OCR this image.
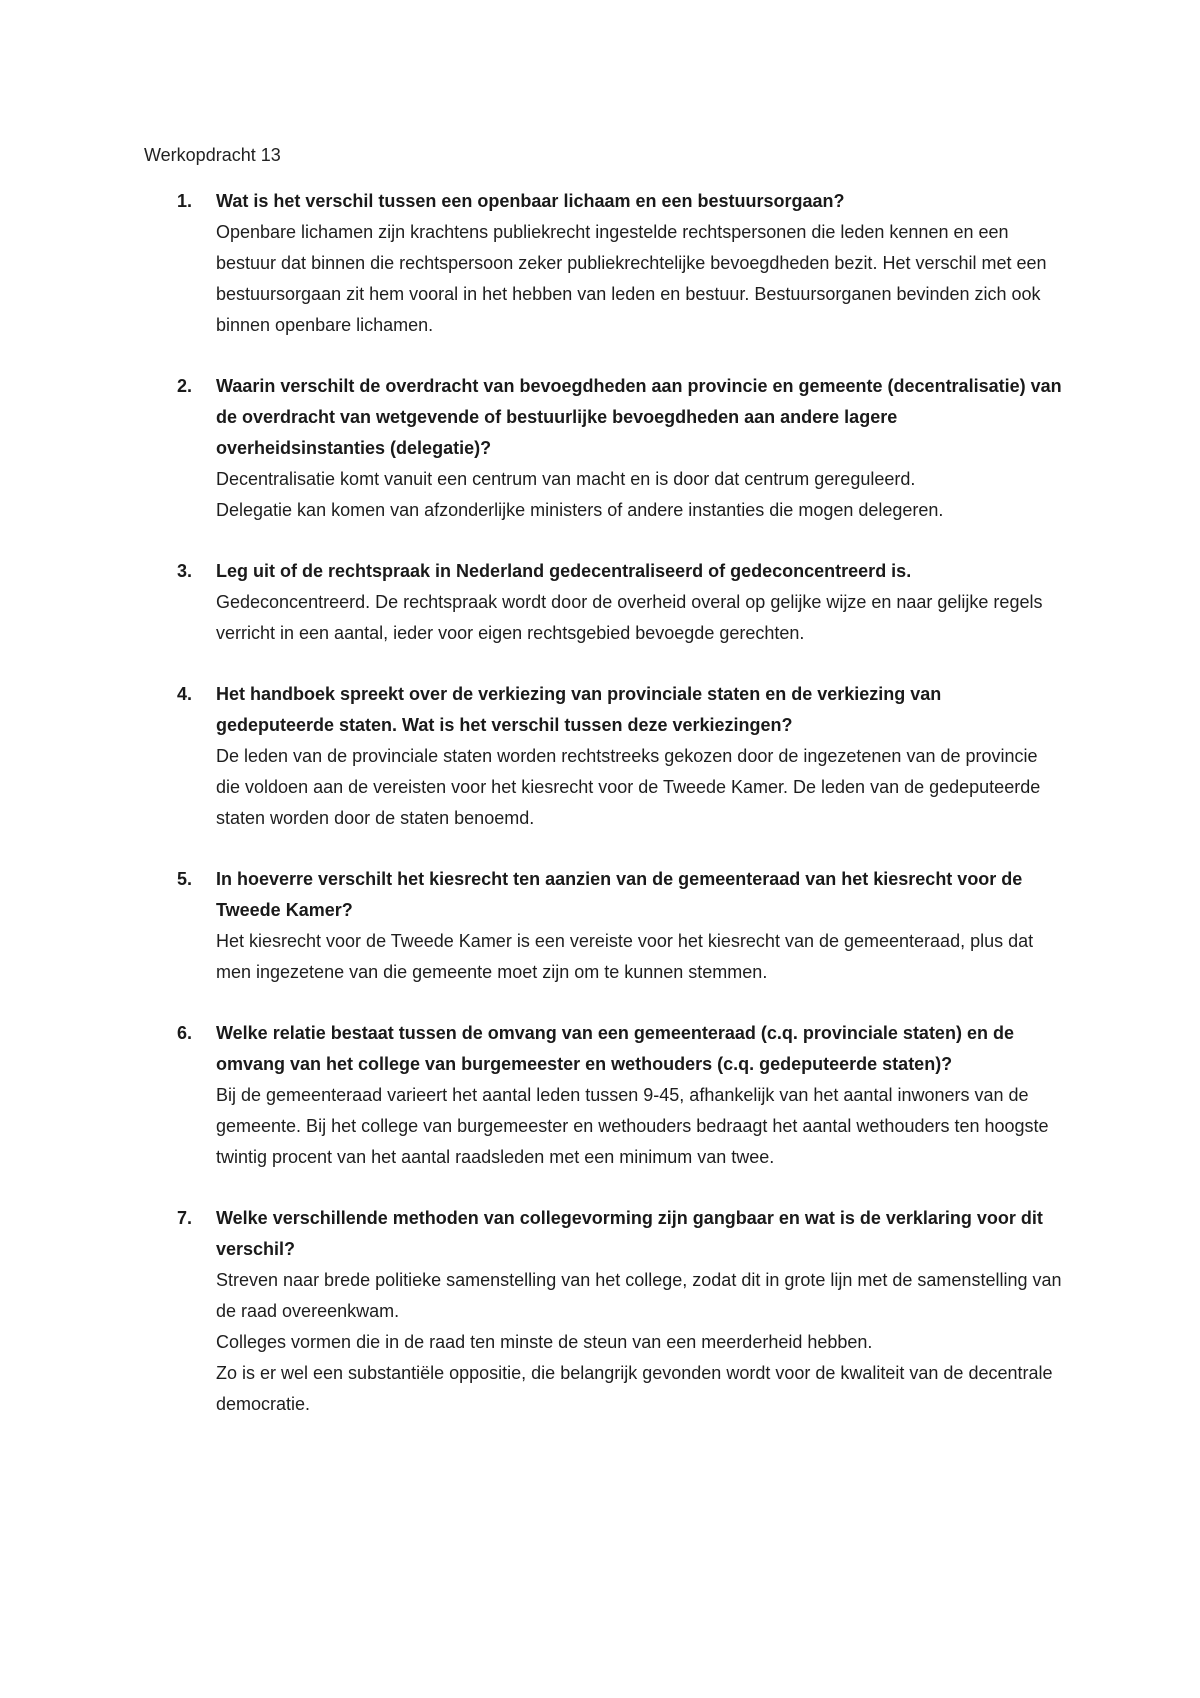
Werkopdracht 13

1. Wat is het verschil tussen een openbaar lichaam en een bestuursorgaan?

Openbare lichamen zijn krachtens publiekrecht ingestelde rechtspersonen die leden kennen en een bestuur dat binnen die rechtspersoon zeker publiekrechtelijke bevoegdheden bezit. Het verschil met een bestuursorgaan zit hem vooral in het hebben van leden en bestuur. Bestuursorganen bevinden zich ook binnen openbare lichamen.

2. Waarin verschilt de overdracht van bevoegdheden aan provincie en gemeente (decentralisatie) van de overdracht van wetgevende of bestuurlijke bevoegdheden aan andere lagere overheidsinstanties (delegatie)?

Decentralisatie komt vanuit een centrum van macht en is door dat centrum gereguleerd.

Delegatie kan komen van afzonderlijke ministers of andere instanties die mogen delegeren.

3. Leg uit of de rechtspraak in Nederland gedecentraliseerd of gedeconcentreerd is.

Gedeconcentreerd. De rechtspraak wordt door de overheid overal op gelijke wijze en naar gelijke regels verricht in een aantal, ieder voor eigen rechtsgebied bevoegde gerechten.

4. Het handboek spreekt over de verkiezing van provinciale staten en de verkiezing van gedeputeerde staten. Wat is het verschil tussen deze verkiezingen?

De leden van de provinciale staten worden rechtstreeks gekozen door de ingezetenen van de provincie die voldoen aan de vereisten voor het kiesrecht voor de Tweede Kamer. De leden van de gedeputeerde staten worden door de staten benoemd.

5. In hoeverre verschilt het kiesrecht ten aanzien van de gemeenteraad van het kiesrecht voor de Tweede Kamer?

Het kiesrecht voor de Tweede Kamer is een vereiste voor het kiesrecht van de gemeenteraad, plus dat men ingezetene van die gemeente moet zijn om te kunnen stemmen.

6. Welke relatie bestaat tussen de omvang van een gemeenteraad (c.q. provinciale staten) en de omvang van het college van burgemeester en wethouders (c.q. gedeputeerde staten)?

Bij de gemeenteraad varieert het aantal leden tussen 9-45, afhankelijk van het aantal inwoners van de gemeente. Bij het college van burgemeester en wethouders bedraagt het aantal wethouders ten hoogste twintig procent van het aantal raadsleden met een minimum van twee.

7. Welke verschillende methoden van collegevorming zijn gangbaar en wat is de verklaring voor dit verschil?

Streven naar brede politieke samenstelling van het college, zodat dit in grote lijn met de samenstelling van de raad overeenkwam.

Colleges vormen die in de raad ten minste de steun van een meerderheid hebben.

Zo is er wel een substantiële oppositie, die belangrijk gevonden wordt voor de kwaliteit van de decentrale democratie.
